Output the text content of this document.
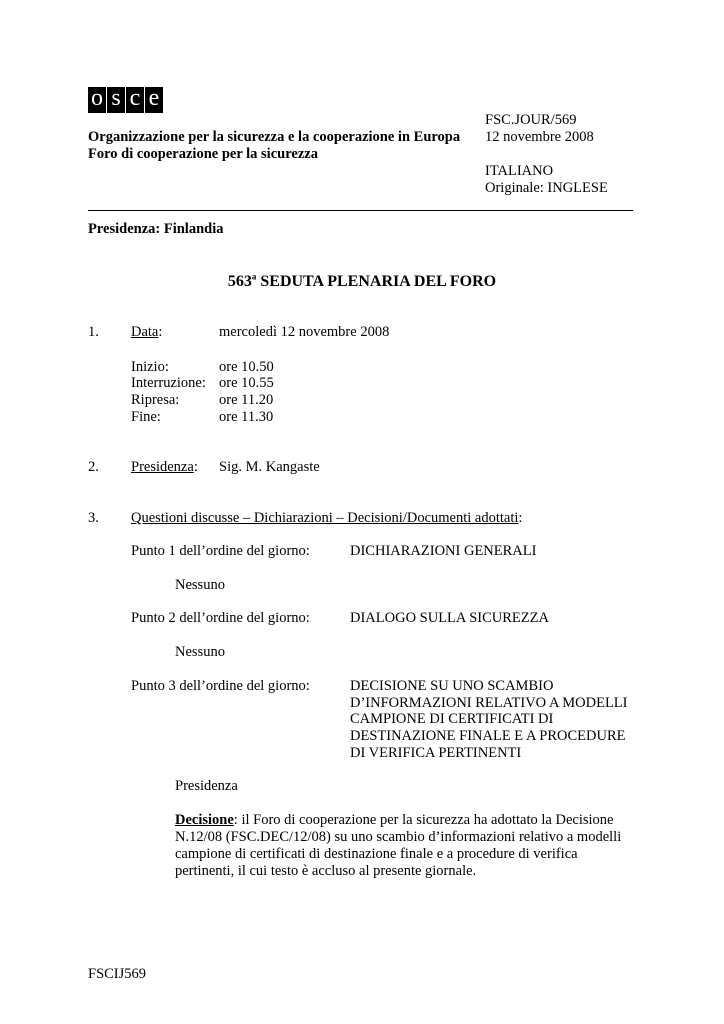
o s c e
Organizzazione per la sicurezza e la cooperazione in Europa
Foro di cooperazione per la sicurezza
FSC.JOUR/569
12 novembre 2008
ITALIANO
Originale: INGLESE
Presidenza: Finlandia
563$^a$ SEDUTA PLENARIA DEL FORO
1. Data:	mercoledì 12 novembre 2008
Inizio:	ore 10.50
Interruzione: ore 10.55
Ripresa:	ore 11.20
Fine:	ore 11.30
2. Presidenza: Sig. M. Kangaste
3. Questioni discusse – Dichiarazioni – Decisioni/Documenti adottati:
Punto 1 dell’ordine del giorno:	DICHIARAZIONI GENERALI
Nessuno
Punto 2 dell’ordine del giorno:	DIALOGO SULLA SICUREZZA
Nessuno
Punto 3 dell’ordine del giorno:	DECISIONE SU UNO SCAMBIO
D’INFORMAZIONI RELATIVO A MODELLI
CAMPIONE DI CERTIFICATI DI
DESTINAZIONE FINALE E A PROCEDURE
DI VERIFICA PERTINENTI
Presidenza
Decisione: il Foro di cooperazione per la sicurezza ha adottato la Decisione
N.12/08 (FSC.DEC/12/08) su uno scambio d’informazioni relativo a modelli
campione di certificati di destinazione finale e a procedure di verifica
pertinenti, il cui testo è accluso al presente giornale.
FSCIJ569
